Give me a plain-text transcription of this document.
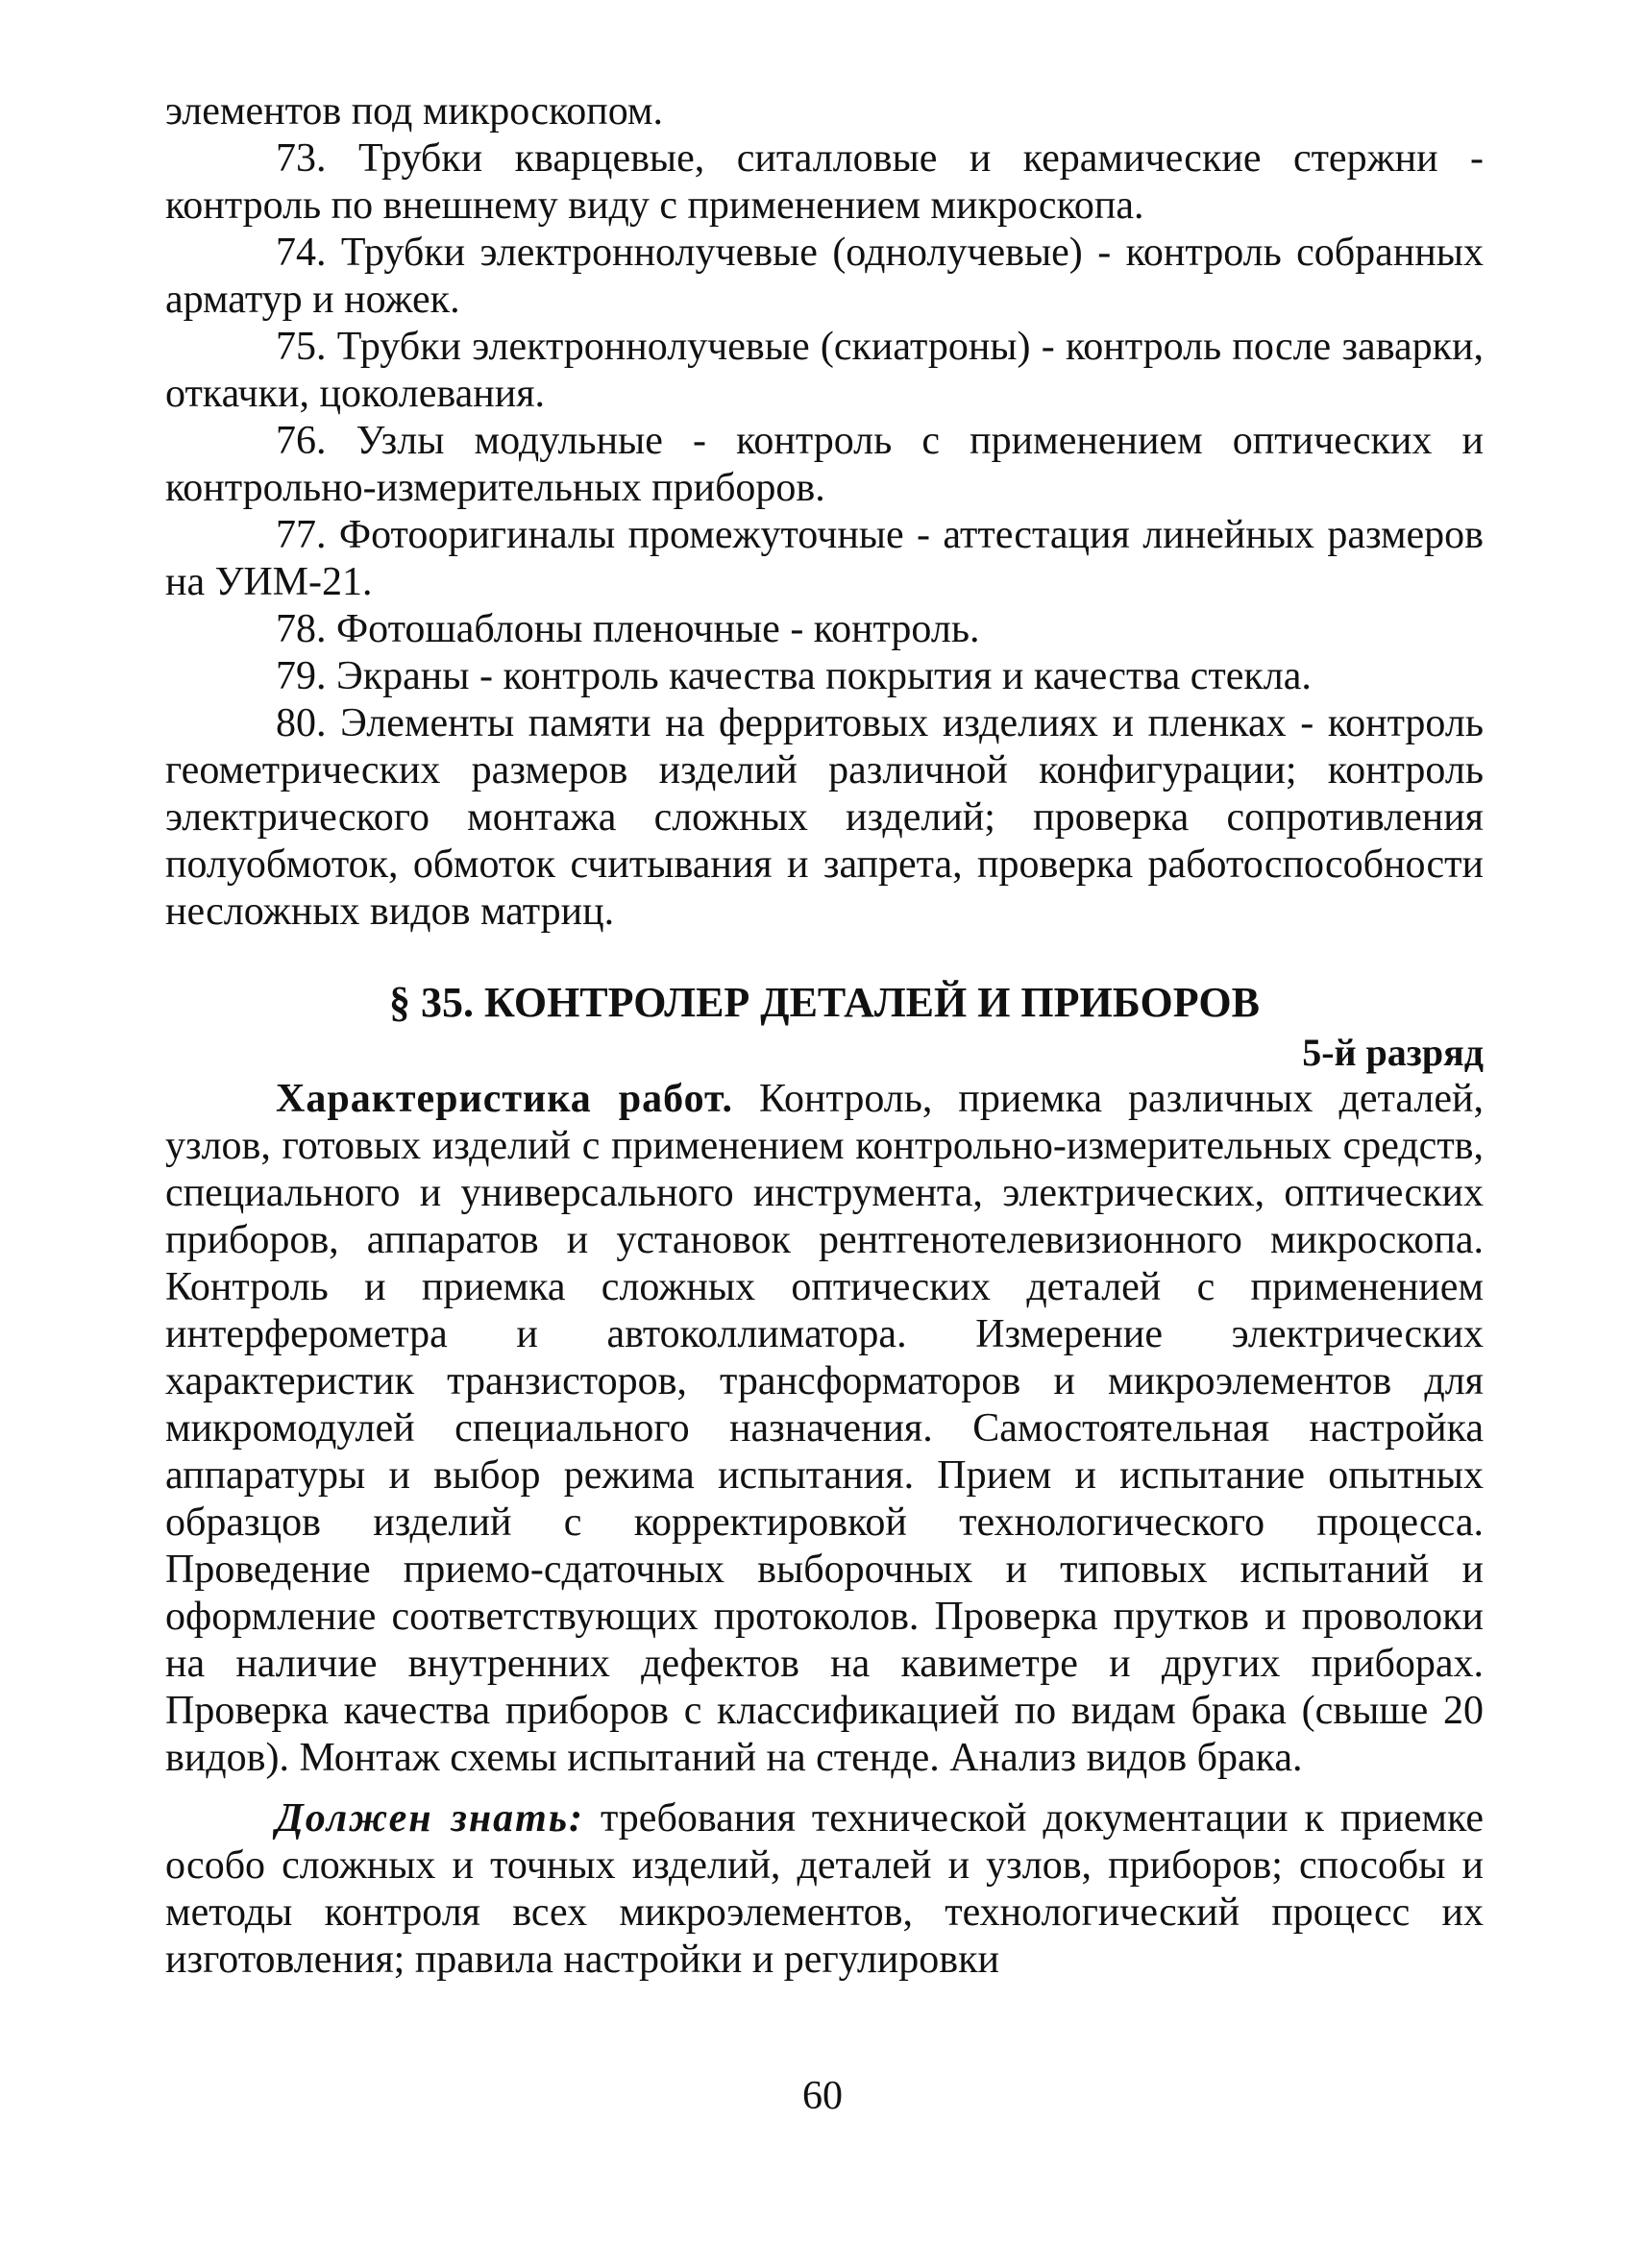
элементов под микроскопом.

73. Трубки кварцевые, ситалловые и керамические стержни - контроль по внешнему виду с применением микроскопа.

74. Трубки электроннолучевые (однолучевые) - контроль собранных арматур и ножек.

75. Трубки электроннолучевые (скиатроны) - контроль после заварки, откачки, цоколевания.

76. Узлы модульные - контроль с применением оптических и контрольно-измерительных приборов.

77. Фотооригиналы промежуточные - аттестация линейных размеров на УИМ-21.

78. Фотошаблоны пленочные - контроль.

79. Экраны - контроль качества покрытия и качества стекла.

80. Элементы памяти на ферритовых изделиях и пленках - контроль геометрических размеров изделий различной конфигурации; контроль электрического монтажа сложных изделий; проверка сопротивления полуобмоток, обмоток считывания и запрета, проверка работоспособности несложных видов матриц.

§ 35. КОНТРОЛЕР ДЕТАЛЕЙ И ПРИБОРОВ
5-й разряд

Характеристика работ. Контроль, приемка различных деталей, узлов, готовых изделий с применением контрольно-измерительных средств, специального и универсального инструмента, электрических, оптических приборов, аппаратов и установок рентгенотелевизионного микроскопа. Контроль и приемка сложных оптических деталей с применением интерферометра и автоколлиматора. Измерение электрических характеристик транзисторов, трансформаторов и микроэлементов для микромодулей специального назначения. Самостоятельная настройка аппаратуры и выбор режима испытания. Прием и испытание опытных образцов изделий с корректировкой технологического процесса. Проведение приемо-сдаточных выборочных и типовых испытаний и оформление соответствующих протоколов. Проверка прутков и проволоки на наличие внутренних дефектов на кавиметре и других приборах. Проверка качества приборов с классификацией по видам брака (свыше 20 видов). Монтаж схемы испытаний на стенде. Анализ видов брака.

Должен знать: требования технической документации к приемке особо сложных и точных изделий, деталей и узлов, приборов; способы и методы контроля всех микроэлементов, технологический процесс их изготовления; правила настройки и регулировки

60
